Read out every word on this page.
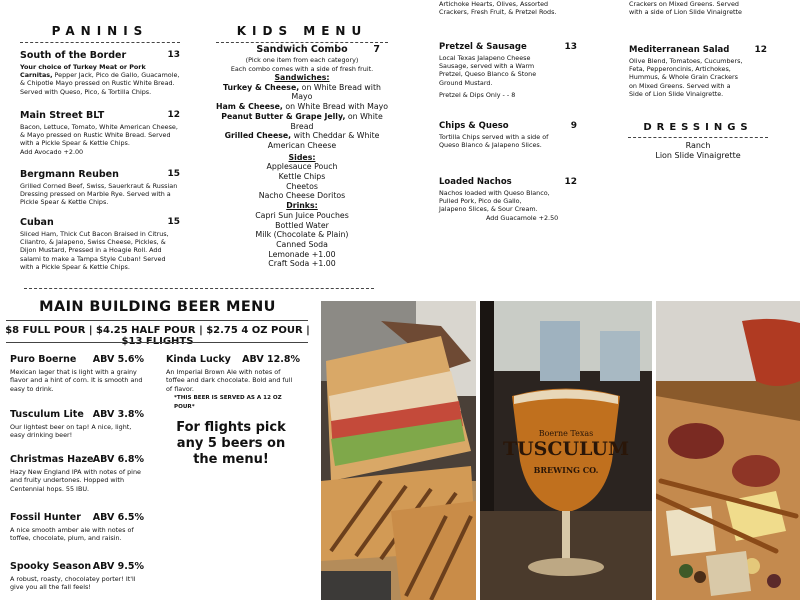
Artichoke Hearts, Olives, Assorted Crackers, Fresh Fruit, & Pretzel Rods.
Crackers on Mixed Greens. Served with a side of Lion Slide Vinaigrette
PANINIS
South of the Border	13
Your choice of Turkey Meat or Pork Carnitas, Pepper Jack, Pico de Gallo, Guacamole, & Chipotle Mayo pressed on Rustic White Bread. Served with Queso, Pico, & Tortilla Chips.
Main Street BLT	12
Bacon, Lettuce, Tomato, White American Cheese, & Mayo pressed on Rustic White Bread. Served with a Pickle Spear & Kettle Chips.
Add Avocado +2.00
Bergmann Reuben	15
Grilled Corned Beef, Swiss, Sauerkraut & Russian Dressing pressed on Marble Rye. Served with a Pickle Spear & Kettle Chips.
Cuban	15
Sliced Ham, Thick Cut Bacon Braised in Citrus, Cilantro, & Jalapeno, Swiss Cheese, Pickles, & Dijon Mustard, Pressed in a Hoagie Roll. Add salami to make a Tampa Style Cuban! Served with a Pickle Spear & Kettle Chips.
KIDS MENU
Sandwich Combo	7
(Pick one item from each category)
Each combo comes with a side of fresh fruit.
Sandwiches:
Turkey & Cheese, on White Bread with Mayo
Ham & Cheese, on White Bread with Mayo
Peanut Butter & Grape Jelly, on White Bread
Grilled Cheese, with Cheddar & White American Cheese
Sides:
Applesauce Pouch
Kettle Chips
Cheetos
Nacho Cheese Doritos
Drinks:
Capri Sun Juice Pouches
Bottled Water
Milk (Chocolate & Plain)
Canned Soda
Lemonade +1.00
Craft Soda +1.00
Pretzel & Sausage	13
Local Texas Jalapeno Cheese Sausage, served with a Warm Pretzel, Queso Blanco & Stone Ground Mustard.
Pretzel & Dips Only - - 8
Chips & Queso	9
Tortilla Chips served with a side of Queso Blanco & Jalapeno Slices.
Loaded Nachos	12
Nachos loaded with Queso Blanco, Pulled Pork, Pico de Gallo, Jalapeno Slices, & Sour Cream.
Add Guacamole +2.50
Mediterranean Salad	12
Olive Blend, Tomatoes, Cucumbers, Feta, Pepperoncinis, Artichokes, Hummus, & Whole Grain Crackers on Mixed Greens. Served with a Side of Lion Slide Vinaigrette.
DRESSINGS
Ranch
Lion Slide Vinaigrette
MAIN BUILDING BEER MENU
$8 FULL POUR | $4.25 HALF POUR | $2.75 4 OZ POUR | $13 FLIGHTS
Puro Boerne	ABV 5.6%
Mexican lager that is light with a grainy flavor and a hint of corn. It is smooth and easy to drink.
Tusculum Lite ABV 3.8%
Our lightest beer on tap! A nice, light, easy drinking beer!
Christmas Haze ABV 6.8%
Hazy New England IPA with notes of pine and fruity undertones. Hopped with Centennial hops. 55 IBU.
Fossil Hunter	ABV 6.5%
A nice smooth amber ale with notes of toffee, chocolate, plum, and raisin.
Spooky Season ABV 9.5%
A robust, roasty, chocolatey porter! It'll give you all the fall feels!
Kinda Lucky	ABV 12.8%
An Imperial Brown Ale with notes of toffee and dark chocolate. Bold and full of flavor.
*THIS BEER IS SERVED AS A 12 OZ POUR*
For flights pick any 5 beers on the menu!
Boerne Texas
TUSCULUM
BREWING CO.
